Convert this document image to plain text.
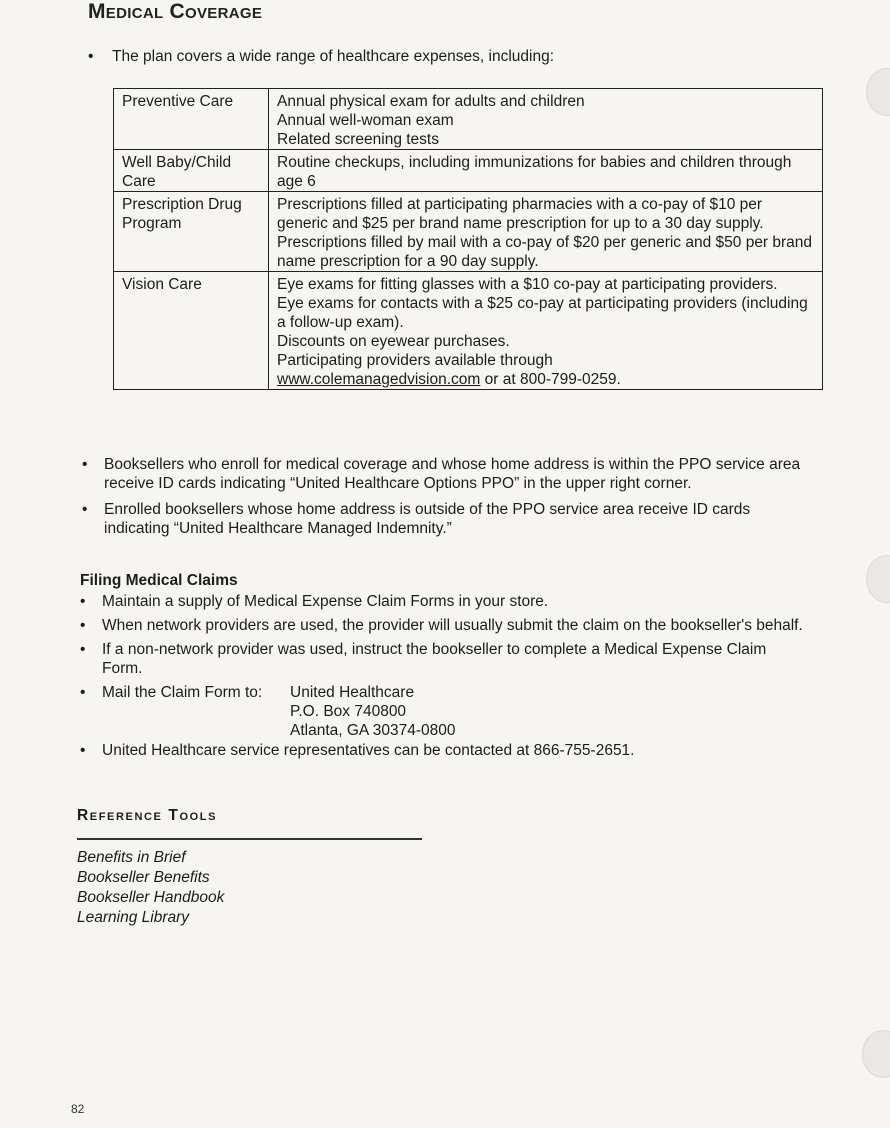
Medical Coverage
• The plan covers a wide range of healthcare expenses, including:
Preventive Care	Annual physical exam for adults and children
Annual well-woman exam
Related screening tests

Well Baby/Child Care	Routine checkups, including immunizations for babies and children through age 6

Prescription Drug Program	Prescriptions filled at participating pharmacies with a co-pay of $10 per generic and $25 per brand name prescription for up to a 30 day supply.
Prescriptions filled by mail with a co-pay of $20 per generic and $50 per brand name prescription for a 90 day supply.

Vision Care	Eye exams for fitting glasses with a $10 co-pay at participating providers.
Eye exams for contacts with a $25 co-pay at participating providers (including a follow-up exam).
Discounts on eyewear purchases.
Participating providers available through
www.colemanagedvision.com or at 800-799-0259.
•	Booksellers who enroll for medical coverage and whose home address is within the PPO service area receive ID cards indicating “United Healthcare Options PPO” in the upper right corner.
•	Enrolled booksellers whose home address is outside of the PPO service area receive ID cards indicating “United Healthcare Managed Indemnity.”
Filing Medical Claims
•	Maintain a supply of Medical Expense Claim Forms in your store.
•	When network providers are used, the provider will usually submit the claim on the bookseller's behalf.
•	If a non-network provider was used, instruct the bookseller to complete a Medical Expense Claim Form.
•	Mail the Claim Form to:	United Healthcare
P.O. Box 740800
Atlanta, GA 30374-0800
•	United Healthcare service representatives can be contacted at 866-755-2651.
Reference Tools
Benefits in Brief
Bookseller Benefits
Bookseller Handbook
Learning Library
82
